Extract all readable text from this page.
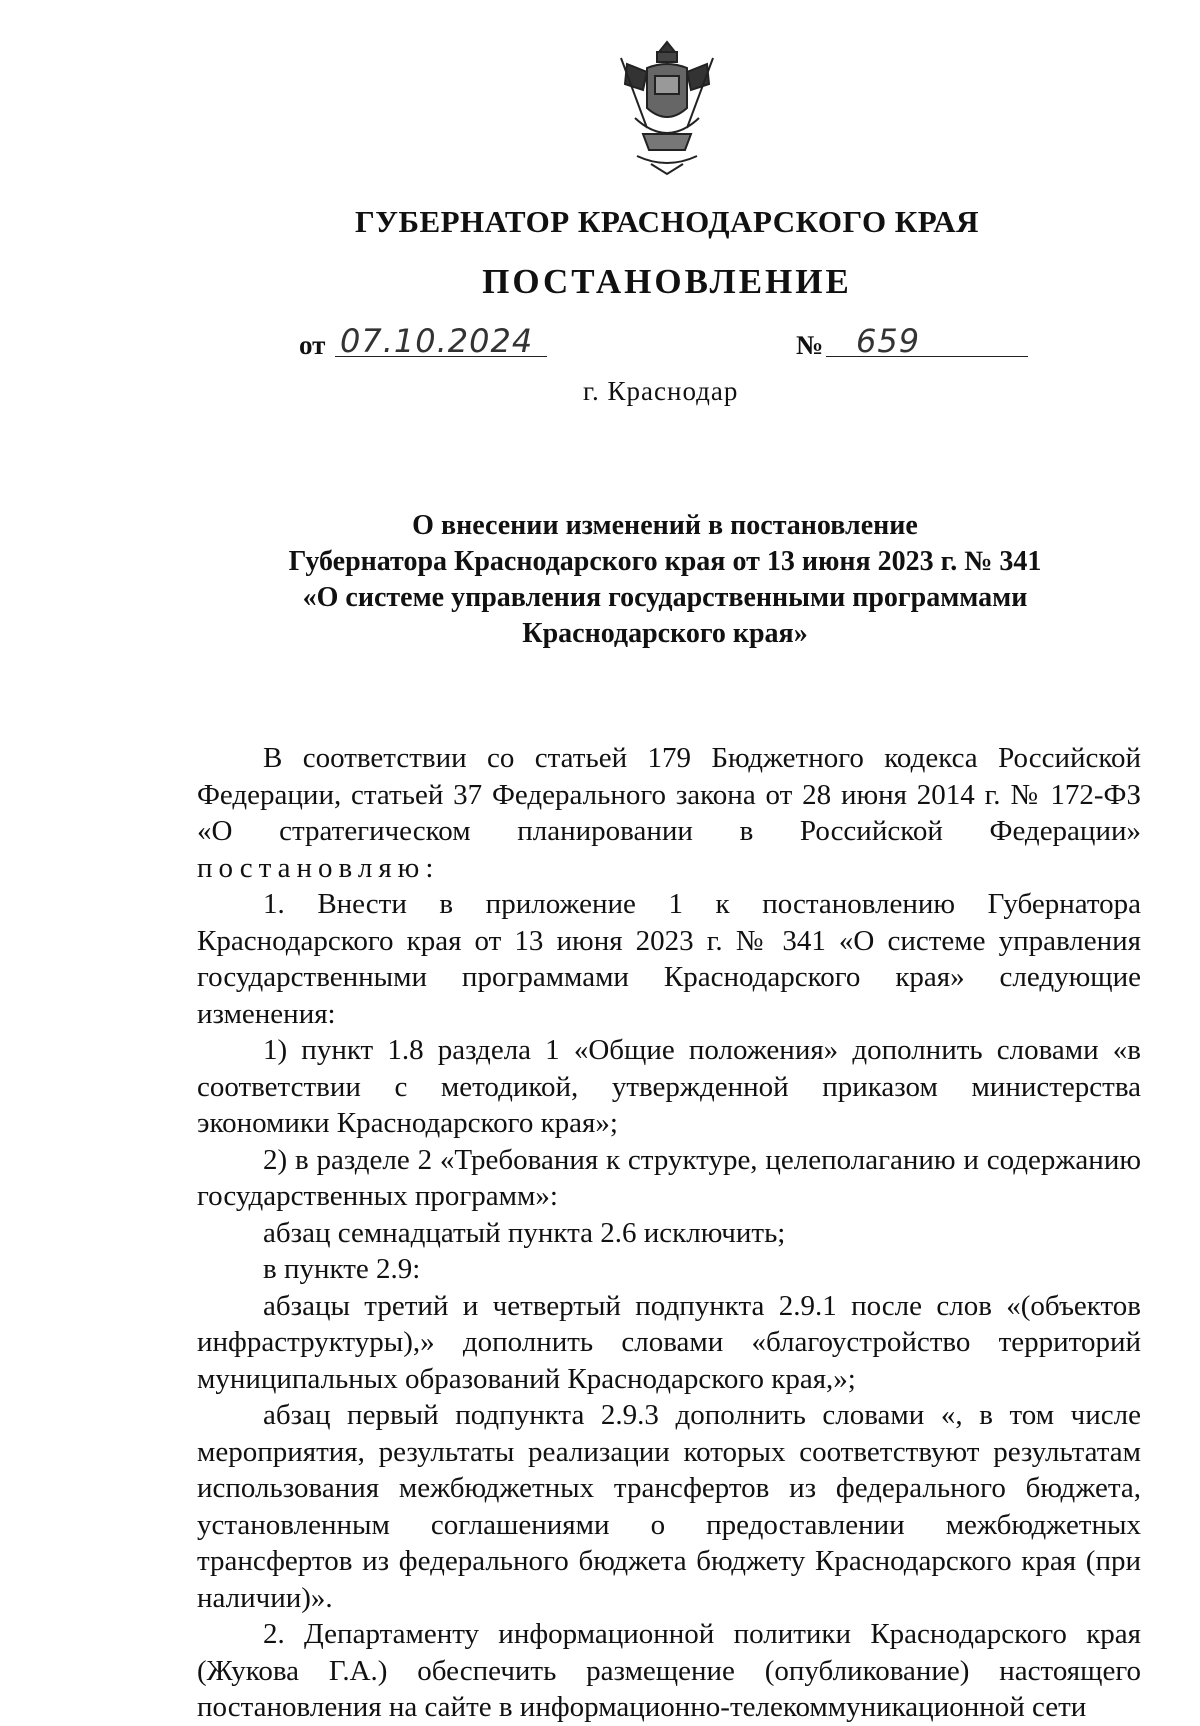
ГУБЕРНАТОР КРАСНОДАРСКОГО КРАЯ
ПОСТАНОВЛЕНИЕ
от 07.10.2024	№ 659
г. Краснодар
О внесении изменений в постановление
Губернатора Краснодарского края от 13 июня 2023 г. № 341
«О системе управления государственными программами
Краснодарского края»

В соответствии со статьей 179 Бюджетного кодекса Российской Федерации, статьей 37 Федерального закона от 28 июня 2014 г. № 172-ФЗ «О стратегическом планировании в Российской Федерации» постановляю:

1. Внести в приложение 1 к постановлению Губернатора Краснодарского края от 13 июня 2023 г. № 341 «О системе управления государственными программами Краснодарского края» следующие изменения:

1) пункт 1.8 раздела 1 «Общие положения» дополнить словами «в соответствии с методикой, утвержденной приказом министерства экономики Краснодарского края»;

2) в разделе 2 «Требования к структуре, целеполаганию и содержанию государственных программ»:

абзац семнадцатый пункта 2.6 исключить;

в пункте 2.9:

абзацы третий и четвертый подпункта 2.9.1 после слов «(объектов инфраструктуры),» дополнить словами «благоустройство территорий муниципальных образований Краснодарского края,»;

абзац первый подпункта 2.9.3 дополнить словами «, в том числе мероприятия, результаты реализации которых соответствуют результатам использования межбюджетных трансфертов из федерального бюджета, установленным соглашениями о предоставлении межбюджетных трансфертов из федерального бюджета бюджету Краснодарского края (при наличии)».

2. Департаменту информационной политики Краснодарского края (Жукова Г.А.) обеспечить размещение (опубликование) настоящего постановления на сайте в информационно-телекоммуникационной сети
